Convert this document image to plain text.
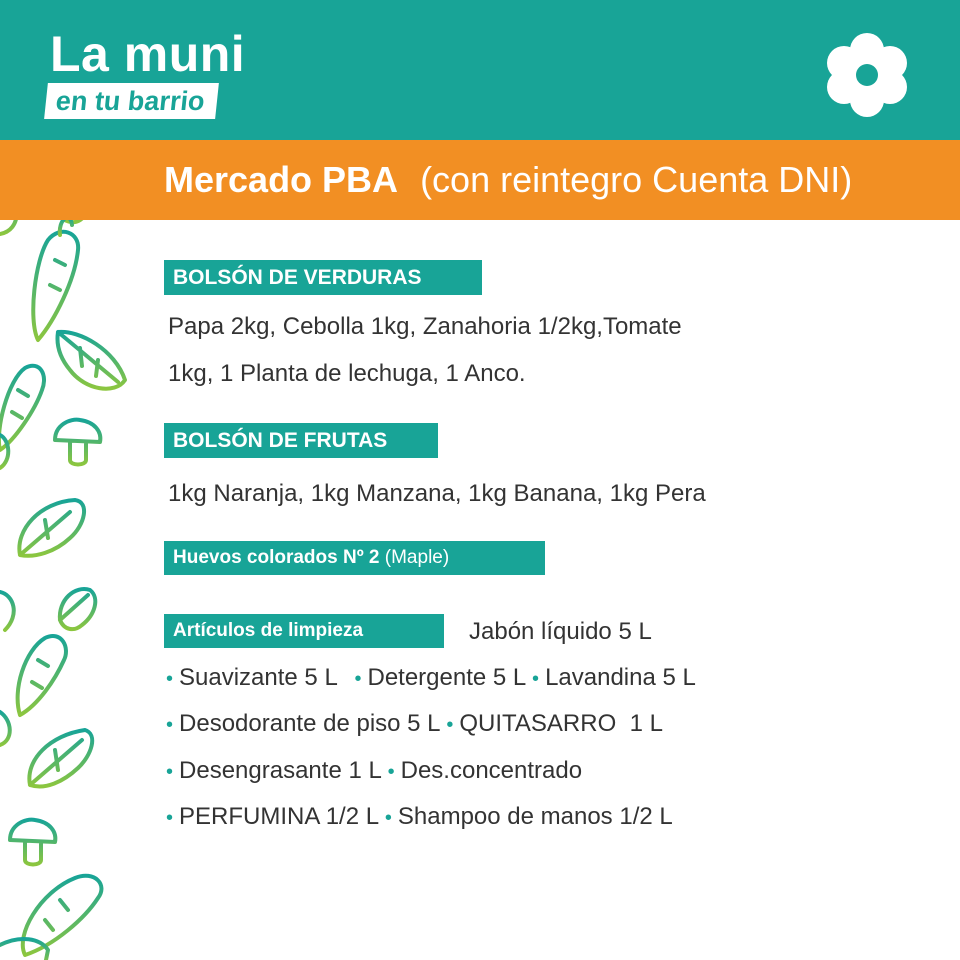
La muni
en tu barrio
Mercado PBA (con reintegro Cuenta DNI)
BOLSÓN DE VERDURAS
Papa 2kg, Cebolla 1kg, Zanahoria 1/2kg,Tomate
1kg, 1 Planta de lechuga, 1 Anco.
BOLSÓN DE FRUTAS
1kg Naranja, 1kg Manzana, 1kg Banana, 1kg Pera
Huevos colorados Nº 2 (Maple)
Artículos de limpieza	Jabón líquido 5 L
• Suavizante 5 L • Detergente 5 L • Lavandina 5 L
• Desodorante de piso 5 L • QUITASARRO  1 L
• Desengrasante 1 L • Des.concentrado
• PERFUMINA 1/2 L • Shampoo de manos 1/2 L
